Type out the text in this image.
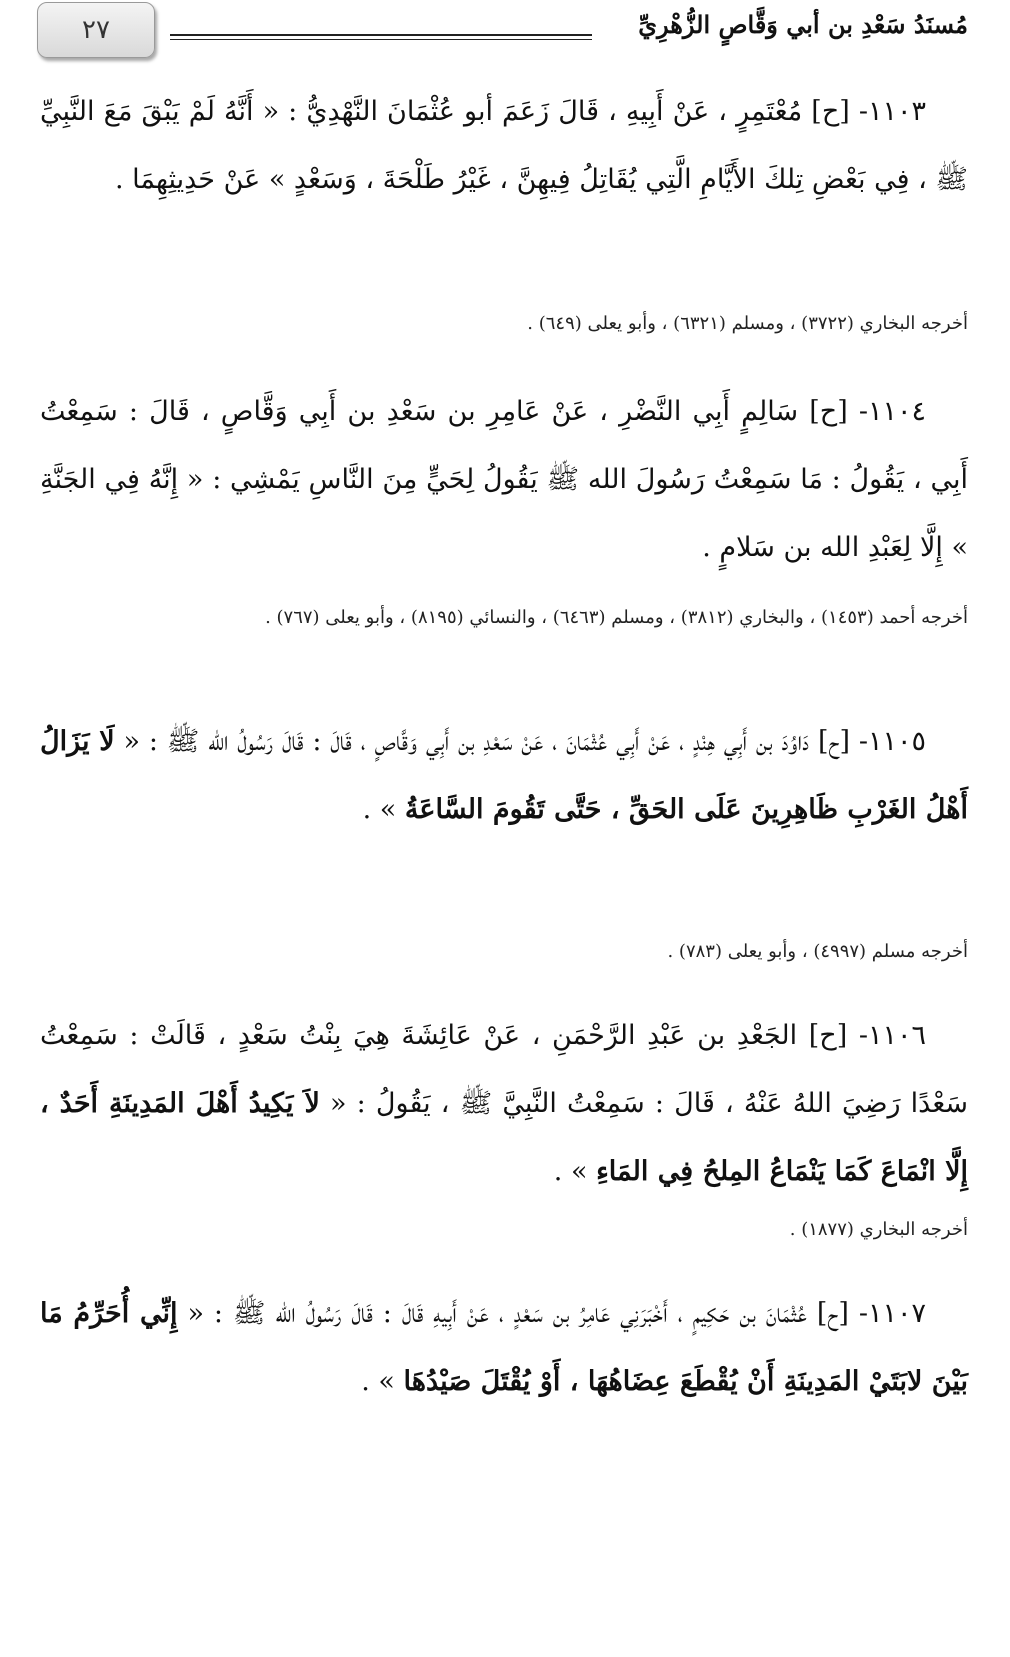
٢٧	مُسنَدُ سَعْدِ بن أبي وَقَّاصٍ الزُّهْرِيِّ
١١٠٣- [ح] مُعْتَمِرٍ ، عَنْ أَبِيهِ ، قَالَ زَعَمَ أبو عُثْمَانَ النَّهْدِيُّ : « أَنَّهُ لَمْ يَبْقَ مَعَ النَّبِيِّ ﷺ ، فِي بَعْضِ تِلكَ الأَيَّامِ الَّتِي يُقَاتِلُ فِيهِنَّ ، غَيْرُ طَلْحَةَ ، وَسَعْدٍ » عَنْ حَدِيثِهِمَا .
أخرجه البخاري (٣٧٢٢) ، ومسلم (٦٣٢١) ، وأبو يعلى (٦٤٩) .
١١٠٤- [ح] سَالِمٍ أَبِي النَّضْرِ ، عَنْ عَامِرِ بن سَعْدِ بن أَبِي وَقَّاصٍ ، قَالَ : سَمِعْتُ أَبِي ، يَقُولُ : مَا سَمِعْتُ رَسُولَ الله ﷺ يَقُولُ لِحَيٍّ مِنَ النَّاسِ يَمْشِي : « إِنَّهُ فِي الجَنَّةِ » إِلَّا لِعَبْدِ الله بن سَلامٍ .
أخرجه أحمد (١٤٥٣) ، والبخاري (٣٨١٢) ، ومسلم (٦٤٦٣) ، والنسائي (٨١٩٥) ، وأبو يعلى (٧٦٧) .
١١٠٥- [ح] دَاوُدَ بن أَبِي هِنْدٍ ، عَنْ أَبِي عُثْمَانَ ، عَنْ سَعْدِ بن أَبِي وَقَّاصٍ ، قَالَ : قَالَ رَسُولُ الله ﷺ : « لَا يَزَالُ أَهْلُ الغَرْبِ ظَاهِرِينَ عَلَى الحَقِّ ، حَتَّى تَقُومَ السَّاعَةُ » .
أخرجه مسلم (٤٩٩٧) ، وأبو يعلى (٧٨٣) .
١١٠٦- [ح] الجَعْدِ بن عَبْدِ الرَّحْمَنِ ، عَنْ عَائِشَةَ هِيَ بِنْتُ سَعْدٍ ، قَالَتْ : سَمِعْتُ سَعْدًا رَضِيَ اللهُ عَنْهُ ، قَالَ : سَمِعْتُ النَّبِيَّ ﷺ ، يَقُولُ : « لاَ يَكِيدُ أَهْلَ المَدِينَةِ أَحَدٌ ، إِلَّا انْمَاعَ كَمَا يَنْمَاعُ المِلحُ فِي المَاءِ » .
أخرجه البخاري (١٨٧٧) .
١١٠٧- [ح] عُثْمَانَ بن حَكِيمٍ ، أَخْبَرَنِي عَامِرُ بن سَعْدٍ ، عَنْ أَبِيهِ قَالَ : قَالَ رَسُولُ الله ﷺ : « إِنِّي أُحَرِّمُ مَا بَيْنَ لابَتَيْ المَدِينَةِ أَنْ يُقْطَعَ عِضَاهُهَا ، أَوْ يُقْتَلَ صَيْدُهَا » .
